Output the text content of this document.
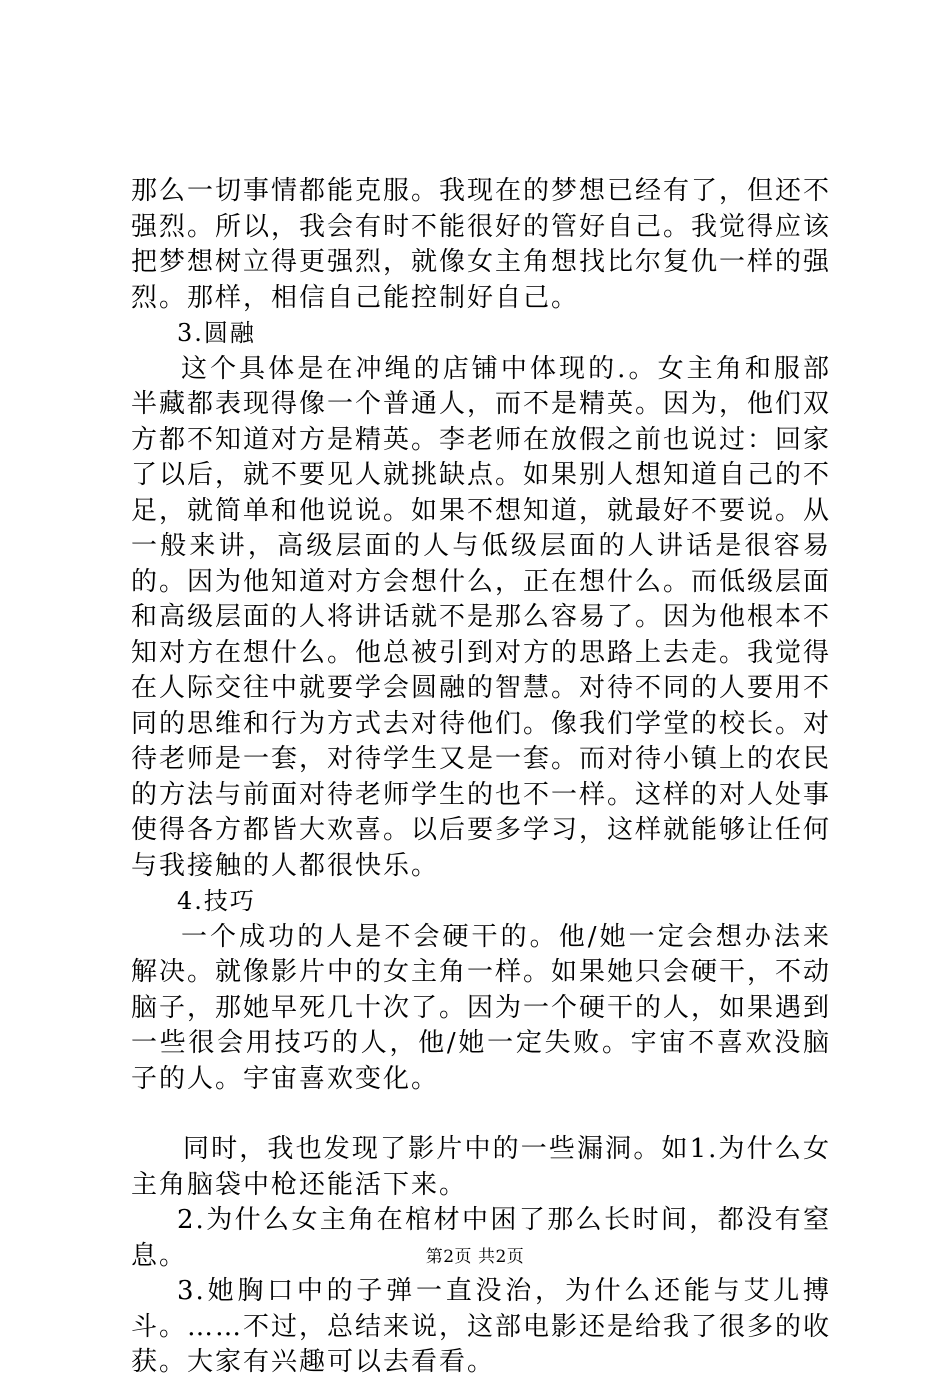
那么一切事情都能克服。我现在的梦想已经有了，但还不强烈。所以，我会有时不能很好的管好自己。我觉得应该把梦想树立得更强烈，就像女主角想找比尔复仇一样的强烈。那样，相信自己能控制好自己。

3.圆融

这个具体是在冲绳的店铺中体现的.。女主角和服部半藏都表现得像一个普通人，而不是精英。因为，他们双方都不知道对方是精英。李老师在放假之前也说过：回家了以后，就不要见人就挑缺点。如果别人想知道自己的不足，就简单和他说说。如果不想知道，就最好不要说。从一般来讲，高级层面的人与低级层面的人讲话是很容易的。因为他知道对方会想什么，正在想什么。而低级层面和高级层面的人将讲话就不是那么容易了。因为他根本不知对方在想什么。他总被引到对方的思路上去走。我觉得在人际交往中就要学会圆融的智慧。对待不同的人要用不同的思维和行为方式去对待他们。像我们学堂的校长。对待老师是一套，对待学生又是一套。而对待小镇上的农民的方法与前面对待老师学生的也不一样。这样的对人处事使得各方都皆大欢喜。以后要多学习，这样就能够让任何与我接触的人都很快乐。

4.技巧

一个成功的人是不会硬干的。他/她一定会想办法来解决。就像影片中的女主角一样。如果她只会硬干，不动脑子，那她早死几十次了。因为一个硬干的人，如果遇到一些很会用技巧的人，他/她一定失败。宇宙不喜欢没脑子的人。宇宙喜欢变化。

同时，我也发现了影片中的一些漏洞。如1.为什么女主角脑袋中枪还能活下来。

2.为什么女主角在棺材中困了那么长时间，都没有窒息。

3.她胸口中的子弹一直没治，为什么还能与艾儿搏斗。……不过，总结来说，这部电影还是给我了很多的收获。大家有兴趣可以去看看。

第2页 共2页
